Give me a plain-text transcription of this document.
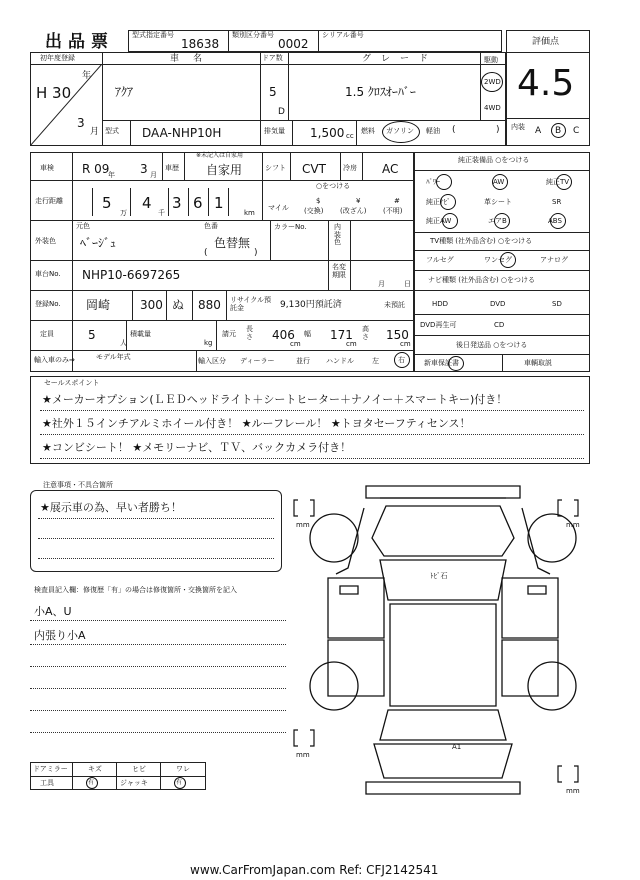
出品票	型式指定番号
18638
類別区分番号
0002
シリアル番号
評価点
4.5
内装 A B C
初年度登録
年
H 30
3
月
車名
ｱｸｱ
ドア数
5
D
グレード
1.5 ｸﾛｽｵｰﾊﾞｰ
駆動
2WD
4WD
型式 DAA-NHP10H	排気量 1,500 cc
燃料 ガソリン 軽油 (	)
車検 R 09
年 3 月
車歴
※未記入は自家用
自家用	シフト CVT 冷房 AC
走行距離	5
万
4
千
3 6 1
km
○をつける
マイル
$
(交換)
¥
(改ざん)
#
(不明)
外装色
元色
ﾍﾞｰｼﾞｭ
色番
色替無
(	)
カラーNo.	内装色
車台No. NHP10-6697265
名変期限
月	日
登録No. 岡崎 300 ぬ 880 リサイクル預託金	9,130円預託済	未預託
定員	5
人
積載量
kg
請元
長さ 406
cm
幅 171
cm
高さ 150
cm
輸入車のみ⇒	モデル年式	輸入区分 ディーラー	並行 ハンドル	左	右
純正装備品 ○をつける
ﾊﾟﾜｰ	AW	純正TV
純正ﾅﾋﾞ	革シート	SR
純正AW	エアB	ABS
TV種類 (社外品含む) ○をつける
フルセグ	ワンセグ	アナログ
ナビ種類 (社外品含む) ○をつける
HDD	DVD	SD
DVD再生可	CD
後日発送品 ○をつける
新車保証書	車輌取説
セールスポイント
★メーカーオプション(ＬＥＤヘッドライト＋シートヒーター＋ナノイー＋スマートキー)付き！
★社外１５インチアルミホイール付き！ ★ルーフレール！ ★トヨタセーフティセンス！
★コンビシート！ ★メモリーナビ、ＴＶ、バックカメラ付き！
注意事項・不具合箇所
★展示車の為、早い者勝ち！
検査員記入欄：修復歴「有」の場合は修復箇所・交換箇所を記入
小A、U
内張り小A
ドアミラー	キズ	ヒビ	ワレ
工具	有	ジャッキ	有
mm	mm
mm
mm
ﾄﾋﾞ石
A1
www.CarFromJapan.com Ref: CFJ2142541
